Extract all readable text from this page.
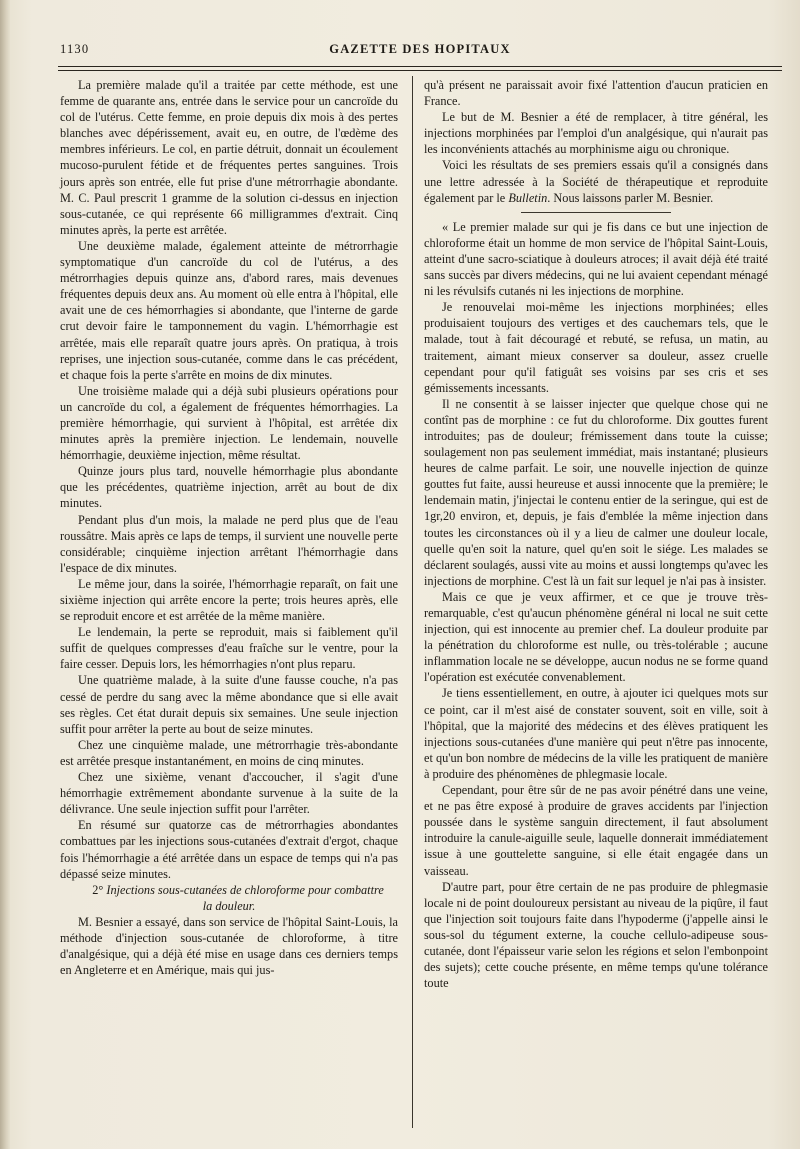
1130	GAZETTE DES HOPITAUX

La première malade qu'il a traitée par cette méthode, est une femme de quarante ans, entrée dans le service pour un cancroïde du col de l'utérus. Cette femme, en proie depuis dix mois à des pertes blanches avec dépérissement, avait eu, en outre, de l'œdème des membres inférieurs. Le col, en partie détruit, donnait un écoulement mucoso-purulent fétide et de fréquentes pertes sanguines. Trois jours après son entrée, elle fut prise d'une métrorrhagie abondante. M. C. Paul prescrit 1 gramme de la solution ci-dessus en injection sous-cutanée, ce qui représente 66 milligrammes d'extrait. Cinq minutes après, la perte est arrêtée.

Une deuxième malade, également atteinte de métrorrhagie symptomatique d'un cancroïde du col de l'utérus, a des métrorrhagies depuis quinze ans, d'abord rares, mais devenues fréquentes depuis deux ans. Au moment où elle entra à l'hôpital, elle avait une de ces hémorrhagies si abondante, que l'interne de garde crut devoir faire le tamponnement du vagin. L'hémorrhagie est arrêtée, mais elle reparaît quatre jours après. On pratiqua, à trois reprises, une injection sous-cutanée, comme dans le cas précédent, et chaque fois la perte s'arrête en moins de dix minutes.

Une troisième malade qui a déjà subi plusieurs opérations pour un cancroïde du col, a également de fréquentes hémorrhagies. La première hémorrhagie, qui survient à l'hôpital, est arrêtée dix minutes après la première injection. Le lendemain, nouvelle hémorrhagie, deuxième injection, même résultat.

Quinze jours plus tard, nouvelle hémorrhagie plus abondante que les précédentes, quatrième injection, arrêt au bout de dix minutes.

Pendant plus d'un mois, la malade ne perd plus que de l'eau roussâtre. Mais après ce laps de temps, il survient une nouvelle perte considérable; cinquième injection arrêtant l'hémorrhagie dans l'espace de dix minutes.

Le même jour, dans la soirée, l'hémorrhagie reparaît, on fait une sixième injection qui arrête encore la perte; trois heures après, elle se reproduit encore et est arrêtée de la même manière.

Le lendemain, la perte se reproduit, mais si faiblement qu'il suffit de quelques compresses d'eau fraîche sur le ventre, pour la faire cesser. Depuis lors, les hémorrhagies n'ont plus reparu.

Une quatrième malade, à la suite d'une fausse couche, n'a pas cessé de perdre du sang avec la même abondance que si elle avait ses règles. Cet état durait depuis six semaines. Une seule injection suffit pour arrêter la perte au bout de seize minutes.

Chez une cinquième malade, une métrorrhagie très-abondante est arrêtée presque instantanément, en moins de cinq minutes.

Chez une sixième, venant d'accoucher, il s'agit d'une hémorrhagie extrêmement abondante survenue à la suite de la délivrance. Une seule injection suffit pour l'arrêter.

En résumé sur quatorze cas de métrorrhagies abondantes combattues par les injections sous-cutanées d'extrait d'ergot, chaque fois l'hémorrhagie a été arrêtée dans un espace de temps qui n'a pas dépassé seize minutes.

2° Injections sous-cutanées de chloroforme pour combattre
la douleur.

M. Besnier a essayé, dans son service de l'hôpital Saint-Louis, la méthode d'injection sous-cutanée de chloroforme, à titre d'analgésique, qui a déjà été mise en usage dans ces derniers temps en Angleterre et en Amérique, mais qui jus-

qu'à présent ne paraissait avoir fixé l'attention d'aucun praticien en France.

Le but de M. Besnier a été de remplacer, à titre général, les injections morphinées par l'emploi d'un analgésique, qui n'aurait pas les inconvénients attachés au morphinisme aigu ou chronique.

Voici les résultats de ses premiers essais qu'il a consignés dans une lettre adressée à la Société de thérapeutique et reproduite également par le Bulletin. Nous laissons parler M. Besnier.

« Le premier malade sur qui je fis dans ce but une injection de chloroforme était un homme de mon service de l'hôpital Saint-Louis, atteint d'une sacro-sciatique à douleurs atroces; il avait déjà été traité sans succès par divers médecins, qui ne lui avaient cependant ménagé ni les révulsifs cutanés ni les injections de morphine.

Je renouvelai moi-même les injections morphinées; elles produisaient toujours des vertiges et des cauchemars tels, que le malade, tout à fait découragé et rebuté, se refusa, un matin, au traitement, aimant mieux conserver sa douleur, assez cruelle cependant pour qu'il fatiguât ses voisins par ses cris et ses gémissements incessants.

Il ne consentit à se laisser injecter que quelque chose qui ne contînt pas de morphine : ce fut du chloroforme. Dix gouttes furent introduites; pas de douleur; frémissement dans toute la cuisse; soulagement non pas seulement immédiat, mais instantané; plusieurs heures de calme parfait. Le soir, une nouvelle injection de quinze gouttes fut faite, aussi heureuse et aussi innocente que la première; le lendemain matin, j'injectai le contenu entier de la seringue, qui est de 1gr,20 environ, et, depuis, je fais d'emblée la même injection dans toutes les circonstances où il y a lieu de calmer une douleur locale, quelle qu'en soit la nature, quel qu'en soit le siége. Les malades se déclarent soulagés, aussi vite au moins et aussi longtemps qu'avec les injections de morphine. C'est là un fait sur lequel je n'ai pas à insister.

Mais ce que je veux affirmer, et ce que je trouve très-remarquable, c'est qu'aucun phénomène général ni local ne suit cette injection, qui est innocente au premier chef. La douleur produite par la pénétration du chloroforme est nulle, ou très-tolérable ; aucune inflammation locale ne se développe, aucun nodus ne se forme quand l'opération est exécutée convenablement.

Je tiens essentiellement, en outre, à ajouter ici quelques mots sur ce point, car il m'est aisé de constater souvent, soit en ville, soit à l'hôpital, que la majorité des médecins et des élèves pratiquent les injections sous-cutanées d'une manière qui peut n'être pas innocente, et qu'un bon nombre de médecins de la ville les pratiquent de manière à produire des phénomènes de phlegmasie locale.

Cependant, pour être sûr de ne pas avoir pénétré dans une veine, et ne pas être exposé à produire de graves accidents par l'injection poussée dans le système sanguin directement, il faut absolument introduire la canule-aiguille seule, laquelle donnerait immédiatement issue à une gouttelette sanguine, si elle était engagée dans un vaisseau.

D'autre part, pour être certain de ne pas produire de phlegmasie locale ni de point douloureux persistant au niveau de la piqûre, il faut que l'injection soit toujours faite dans l'hypoderme (j'appelle ainsi le sous-sol du tégument externe, la couche cellulo-adipeuse sous-cutanée, dont l'épaisseur varie selon les régions et selon l'embonpoint des sujets); cette couche présente, en même temps qu'une tolérance toute
